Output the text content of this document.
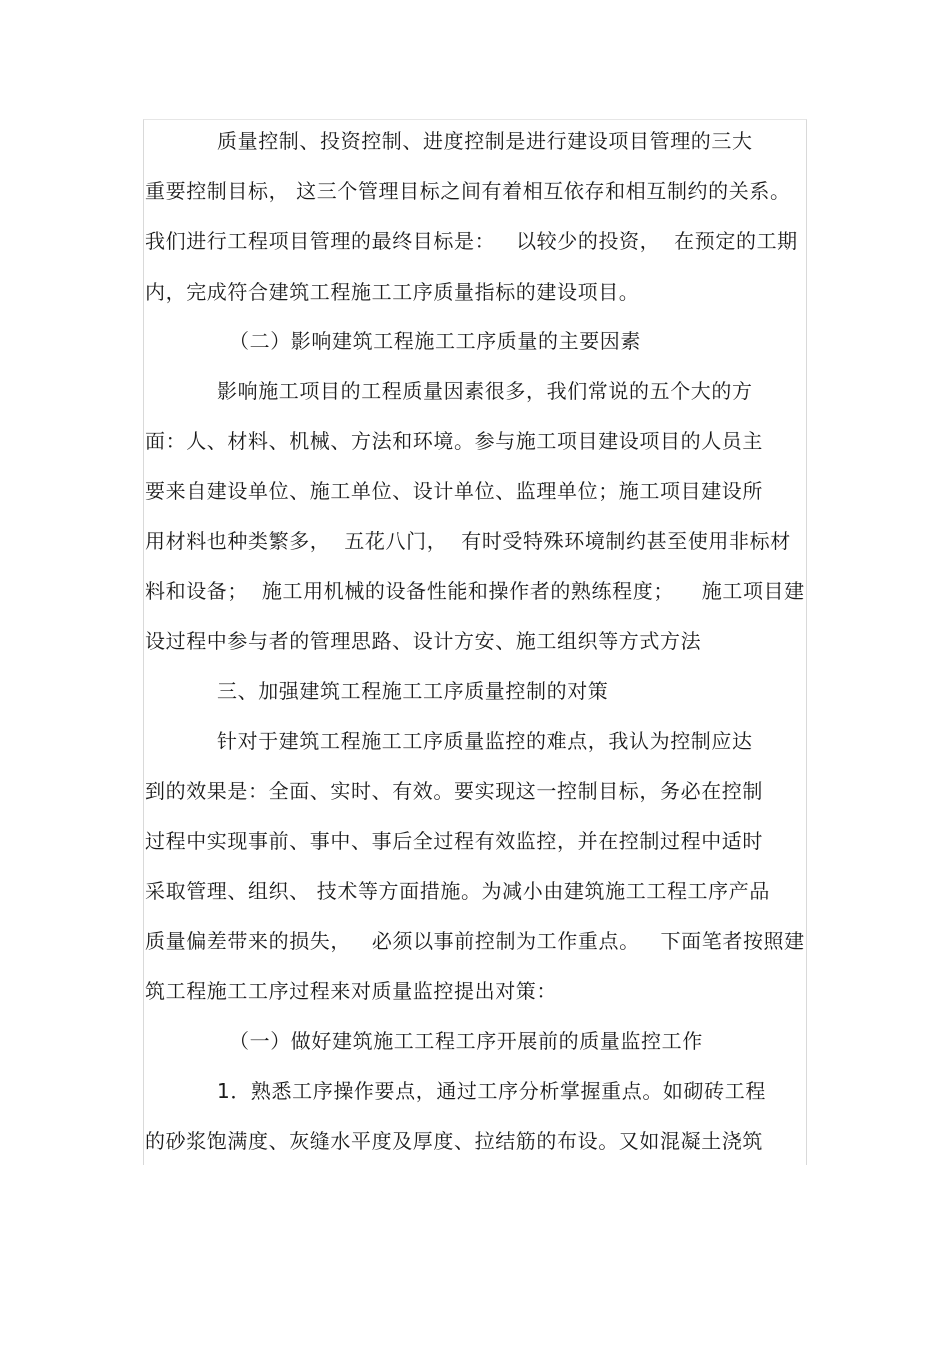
质量控制、投资控制、进度控制是进行建设项目管理的三大
重要控制目标， 这三个管理目标之间有着相互依存和相互制约的关系。
我们进行工程项目管理的最终目标是：   以较少的投资，  在预定的工期
内，完成符合建筑工程施工工序质量指标的建设项目。
（二）影响建筑工程施工工序质量的主要因素
影响施工项目的工程质量因素很多，我们常说的五个大的方
面：人、材料、机械、方法和环境。参与施工项目建设项目的人员主
要来自建设单位、施工单位、设计单位、监理单位；施工项目建设所
用材料也种类繁多，  五花八门，  有时受特殊环境制约甚至使用非标材
料和设备；  施工用机械的设备性能和操作者的熟练程度；    施工项目建
设过程中参与者的管理思路、设计方安、施工组织等方式方法
三、加强建筑工程施工工序质量控制的对策
针对于建筑工程施工工序质量监控的难点，我认为控制应达
到的效果是：全面、实时、有效。要实现这一控制目标，务必在控制
过程中实现事前、事中、事后全过程有效监控，并在控制过程中适时
采取管理、组织、 技术等方面措施。为减小由建筑施工工程工序产品
质量偏差带来的损失，   必须以事前控制为工作重点。   下面笔者按照建
筑工程施工工序过程来对质量监控提出对策：
（一）做好建筑施工工程工序开展前的质量监控工作
1．熟悉工序操作要点，通过工序分析掌握重点。如砌砖工程
的砂浆饱满度、灰缝水平度及厚度、拉结筋的布设。又如混凝土浇筑
